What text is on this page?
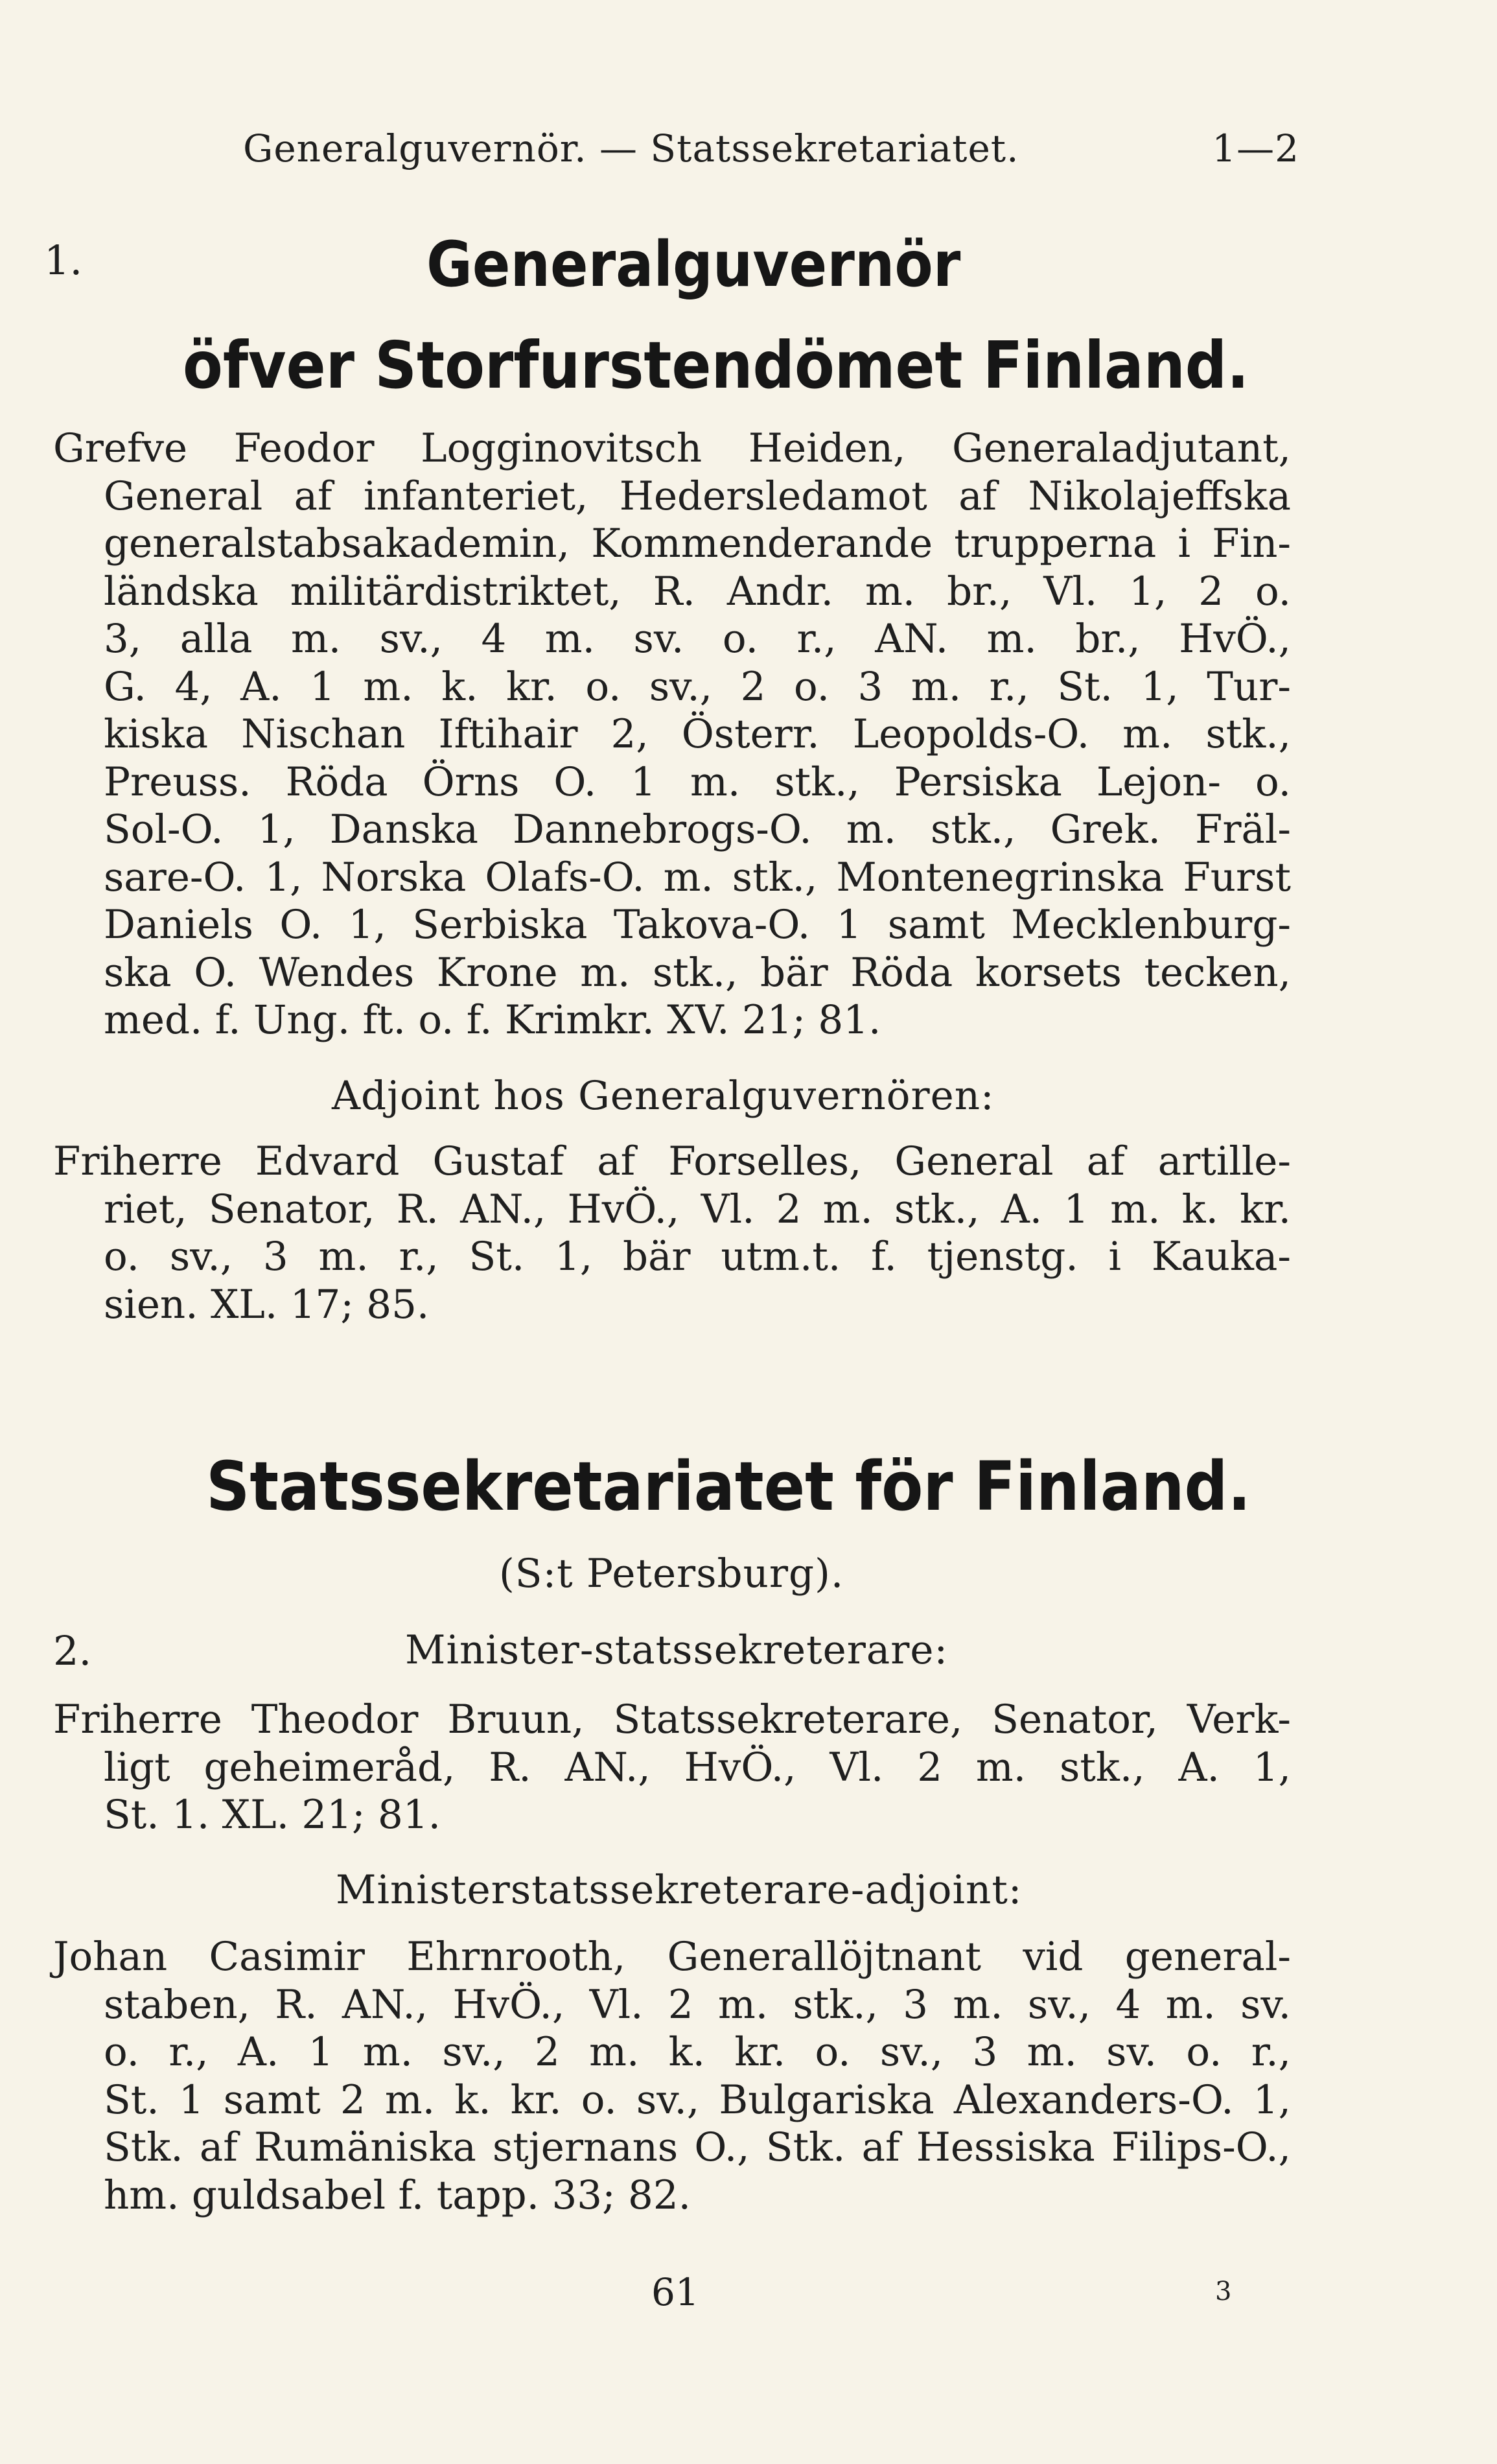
Generalguvernör. — Statssekretariatet.	1—2
1.	Generalguvernör
öfver Storfurstendömet Finland.
Grefve Feodor Logginovitsch Heiden, Generaladjutant,
General af infanteriet, Hedersledamot af Nikolajeffska
generalstabsakademin, Kommenderande trupperna i Fin-
ländska militärdistriktet, R. Andr. m. br., Vl. 1, 2 o.
3, alla m. sv., 4 m. sv. o. r., AN. m. br., HvÖ.,
G. 4, A. 1 m. k. kr. o. sv., 2 o. 3 m. r., St. 1, Tur-
kiska Nischan Iftihair 2, Österr. Leopolds-O. m. stk.,
Preuss. Röda Örns O. 1 m. stk., Persiska Lejon- o.
Sol-O. 1, Danska Dannebrogs-O. m. stk., Grek. Fräl-
sare-O. 1, Norska Olafs-O. m. stk., Montenegrinska Furst
Daniels O. 1, Serbiska Takova-O. 1 samt Mecklenburg-
ska O. Wendes Krone m. stk., bär Röda korsets tecken,
med. f. Ung. ft. o. f. Krimkr. XV. 21; 81.
Adjoint hos Generalguvernören:
Friherre Edvard Gustaf af Forselles, General af artille-
riet, Senator, R. AN., HvÖ., Vl. 2 m. stk., A. 1 m. k. kr.
o. sv., 3 m. r., St. 1, bär utm.t. f. tjenstg. i Kauka-
sien. XL. 17; 85.
Statssekretariatet för Finland.
(S:t Petersburg).
2.	Minister-statssekreterare:
Friherre Theodor Bruun, Statssekreterare, Senator, Verk-
ligt geheimeråd, R. AN., HvÖ., Vl. 2 m. stk., A. 1,
St. 1. XL. 21; 81.
Ministerstatssekreterare-adjoint:
Johan Casimir Ehrnrooth, Generallöjtnant vid general-
staben, R. AN., HvÖ., Vl. 2 m. stk., 3 m. sv., 4 m. sv.
o. r., A. 1 m. sv., 2 m. k. kr. o. sv., 3 m. sv. o. r.,
St. 1 samt 2 m. k. kr. o. sv., Bulgariska Alexanders-O. 1,
Stk. af Rumäniska stjernans O., Stk. af Hessiska Filips-O.,
hm. guldsabel f. tapp. 33; 82.
61	3
